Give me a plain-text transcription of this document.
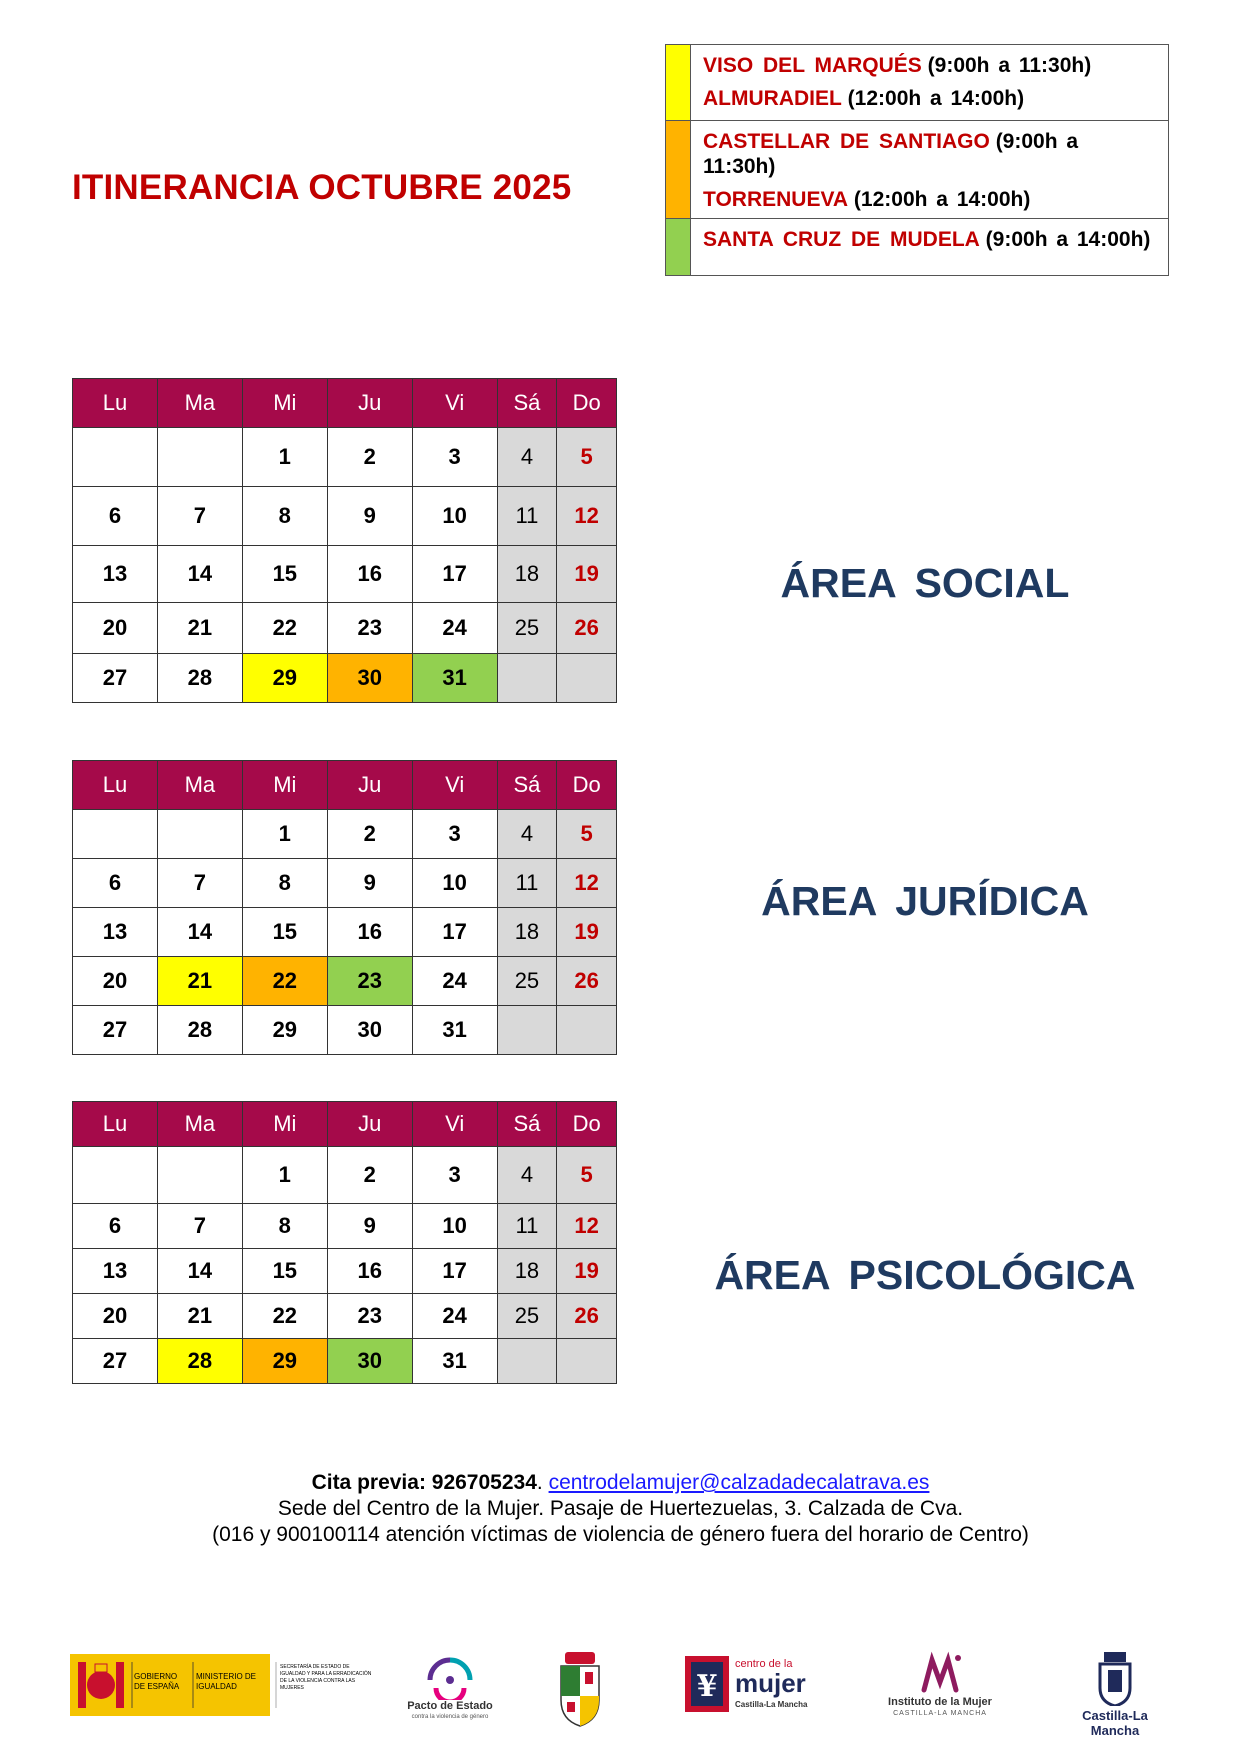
ITINERANCIA OCTUBRE 2025

	VISO DEL MARQUÉS (9:00h a 11:30h)
ALMURADIEL (12:00h a 14:00h)

	CASTELLAR DE SANTIAGO (9:00h a 11:30h)
TORRENUEVA (12:00h a 14:00h)

	SANTA CRUZ DE MUDELA (9:00h a 14:00h)
Lu	Ma	Mi	Ju	Vi	Sá	Do
		1	2	3	4	5
6	7	8	9	10	11	12
13	14	15	16	17	18	19
20	21	22	23	24	25	26
27	28	29	30	31		
ÁREA SOCIAL
Lu	Ma	Mi	Ju	Vi	Sá	Do
		1	2	3	4	5
6	7	8	9	10	11	12
13	14	15	16	17	18	19
20	21	22	23	24	25	26
27	28	29	30	31		
ÁREA JURÍDICA
Lu	Ma	Mi	Ju	Vi	Sá	Do
		1	2	3	4	5
6	7	8	9	10	11	12
13	14	15	16	17	18	19
20	21	22	23	24	25	26
27	28	29	30	31		
ÁREA PSICOLÓGICA
Cita previa: 926705234. centrodelamujer@calzadadecalatrava.es
Sede del Centro de la Mujer. Pasaje de Huertezuelas, 3. Calzada de Cva.
(016 y 900100114 atención víctimas de violencia de género fuera del horario de Centro)
GOBIERNO DE ESPAÑA
MINISTERIO DE IGUALDAD
SECRETARÍA DE ESTADO DE IGUALDAD Y PARA LA ERRADICACIÓN DE LA VIOLENCIA CONTRA LAS MUJERES
Pacto de Estado
contra la violencia de género
¥
centro de la
mujer
Castilla-La Mancha	Instituto de la Mujer
CASTILLA-LA MANCHA	Castilla-La Mancha
